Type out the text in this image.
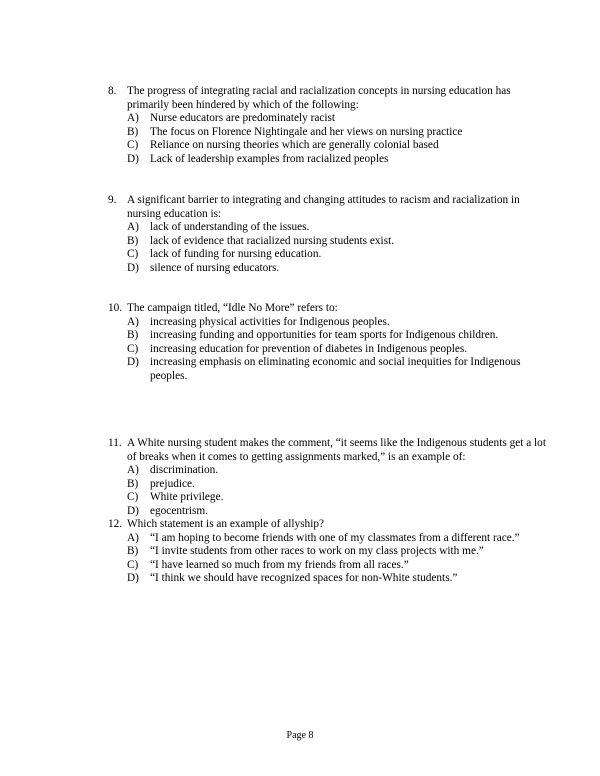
8. The progress of integrating racial and racialization concepts in nursing education has primarily been hindered by which of the following:
A) Nurse educators are predominately racist
B)	The focus on Florence Nightingale and her views on nursing practice
C)	Reliance on nursing theories which are generally colonial based
D) Lack of leadership examples from racialized peoples
9. A significant barrier to integrating and changing attitudes to racism and racialization in nursing education is:
A) lack of understanding of the issues.
B)	lack of evidence that racialized nursing students exist.
C)	lack of funding for nursing education.
D) silence of nursing educators.
10. The campaign titled, “Idle No More” refers to:
A) increasing physical activities for Indigenous peoples.
B)	increasing funding and opportunities for team sports for Indigenous children.
C)	increasing education for prevention of diabetes in Indigenous peoples.
D) increasing emphasis on eliminating economic and social inequities for Indigenous peoples.
11. A White nursing student makes the comment, “it seems like the Indigenous students get a lot of breaks when it comes to getting assignments marked,” is an example of:
A) discrimination.
B)	prejudice.
C)	White privilege.
D) egocentrism.
12. Which statement is an example of allyship?
A) “I am hoping to become friends with one of my classmates from a different race.”
B)	“I invite students from other races to work on my class projects with me.”
C)	“I have learned so much from my friends from all races.”
D) “I think we should have recognized spaces for non-White students.”
Page 8
